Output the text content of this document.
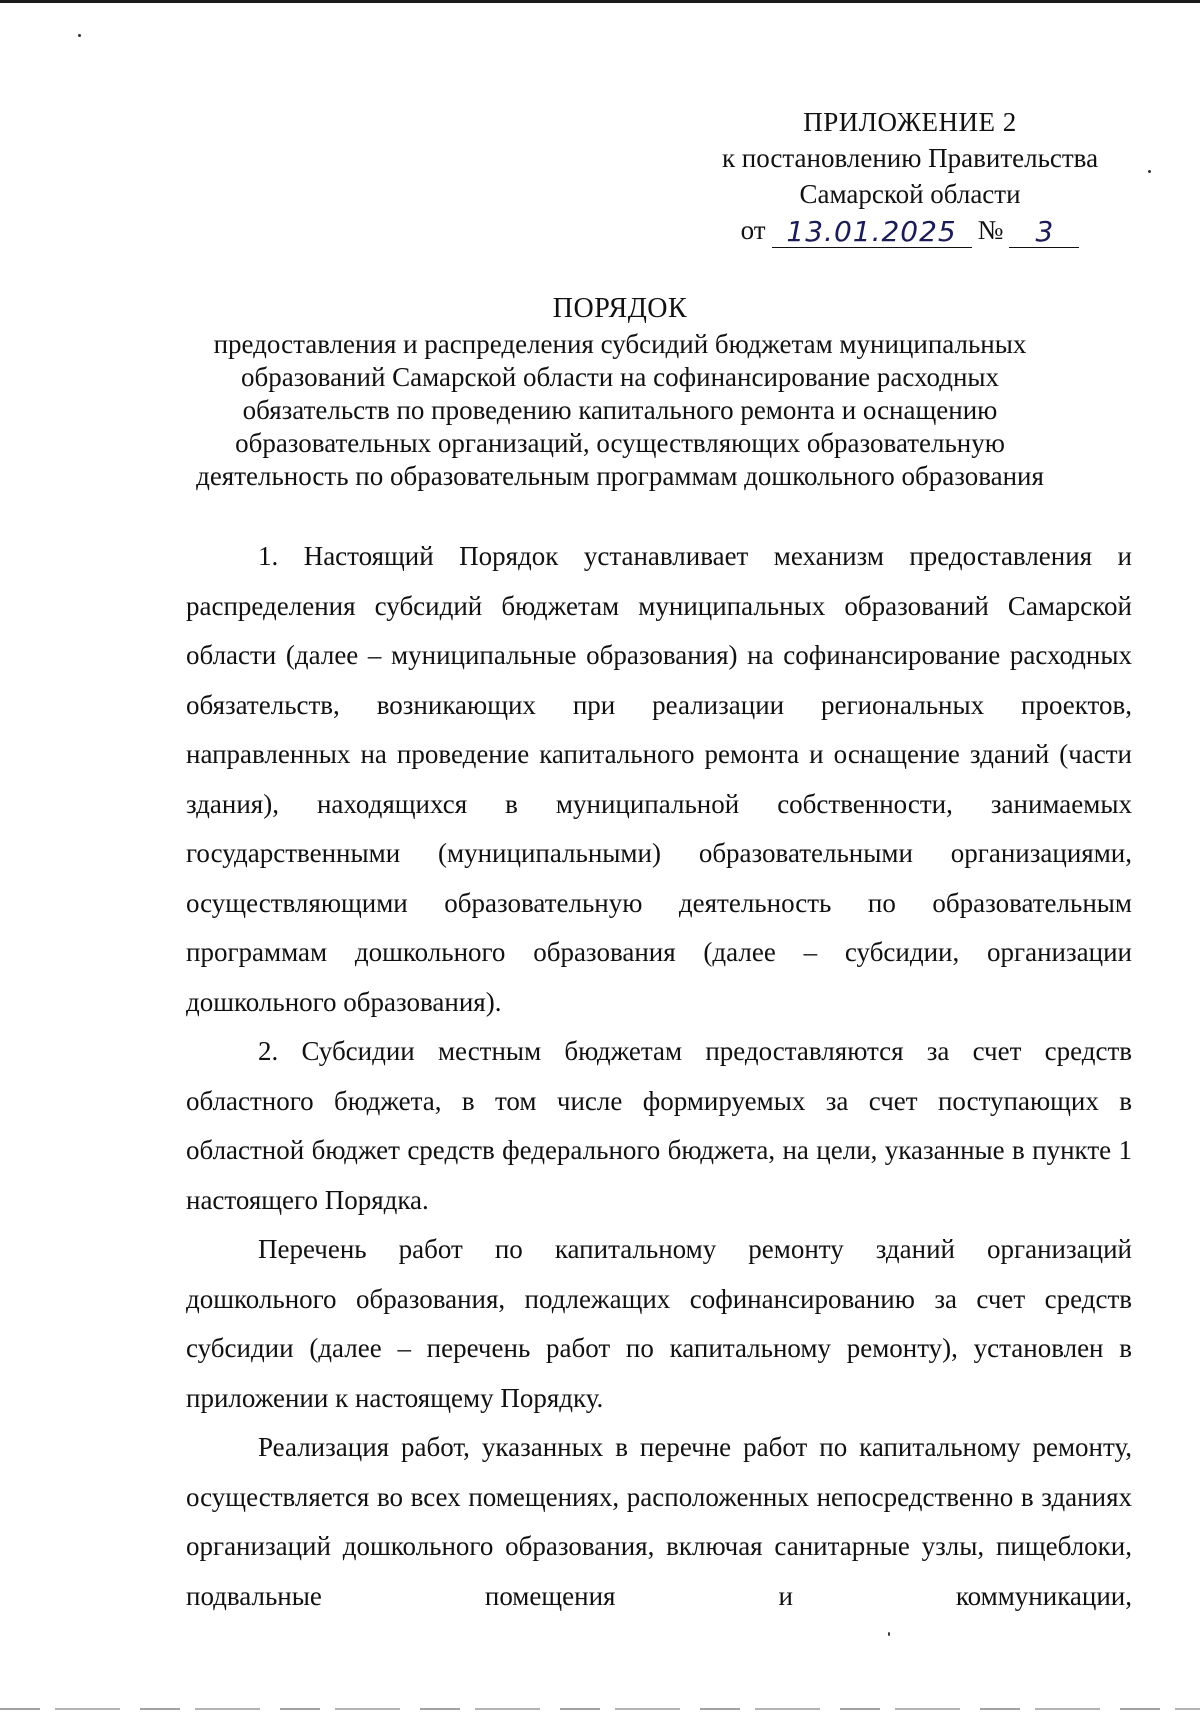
ПРИЛОЖЕНИЕ 2
к постановлению Правительства
Самарской области
от 13.01.2025 №	3
ПОРЯДОК
предоставления и распределения субсидий бюджетам муниципальных
образований Самарской области на софинансирование расходных
обязательств по проведению капитального ремонта и оснащению
образовательных организаций, осуществляющих образовательную
деятельность по образовательным программам дошкольного образования

1. Настоящий Порядок устанавливает механизм предоставления и распределения субсидий бюджетам муниципальных образований Самарской области (далее – муниципальные образования) на софинансирование расходных обязательств, возникающих при реализации региональных проектов, направленных на проведение капитального ремонта и оснащение зданий (части здания), находящихся в муниципальной собственности, занимаемых государственными (муниципальными) образовательными организациями, осуществляющими образовательную деятельность по образовательным программам дошкольного образования (далее – субсидии, организации дошкольного образования).

2. Субсидии местным бюджетам предоставляются за счет средств областного бюджета, в том числе формируемых за счет поступающих в областной бюджет средств федерального бюджета, на цели, указанные в пункте 1 настоящего Порядка.

Перечень работ по капитальному ремонту зданий организаций дошкольного образования, подлежащих софинансированию за счет средств субсидии (далее – перечень работ по капитальному ремонту), установлен в приложении к настоящему Порядку.

Реализация работ, указанных в перечне работ по капитальному ремонту, осуществляется во всех помещениях, расположенных непосредственно в зданиях организаций дошкольного образования, включая санитарные узлы, пищеблоки, подвальные помещения и коммуникации,
